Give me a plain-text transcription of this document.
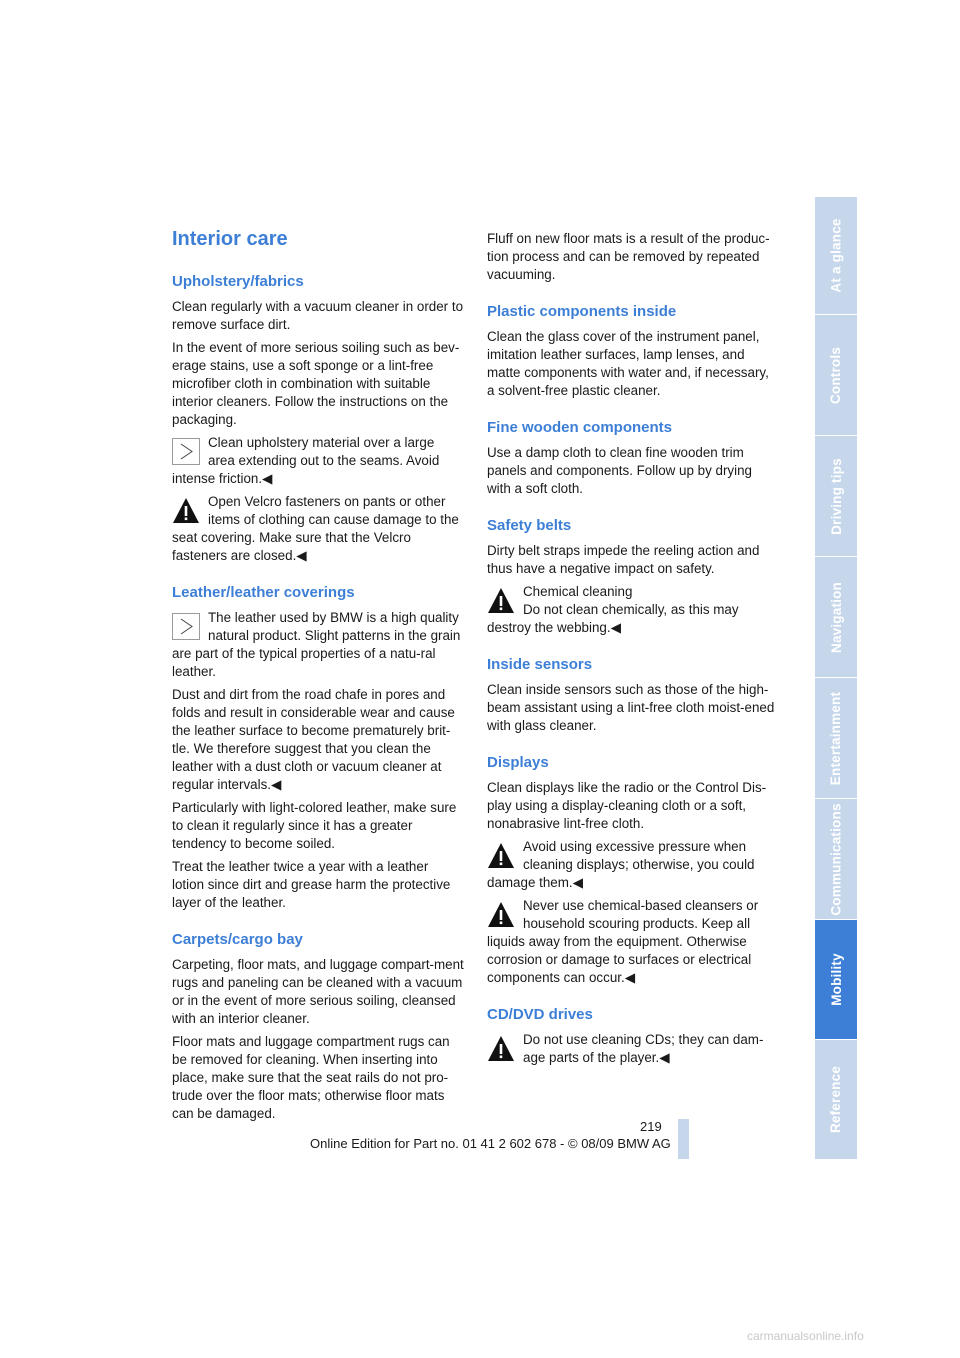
Interior care
Upholstery/fabrics

Clean regularly with a vacuum cleaner in order to remove surface dirt.

In the event of more serious soiling such as bev-erage stains, use a soft sponge or a lint-free microfiber cloth in combination with suitable interior cleaners. Follow the instructions on the packaging.

Clean upholstery material over a large area extending out to the seams. Avoid intense friction.◀
Open Velcro fasteners on pants or other items of clothing can cause damage to the seat covering. Make sure that the Velcro fasteners are closed.◀
Leather/leather coverings
The leather used by BMW is a high quality natural product. Slight patterns in the grain are part of the typical properties of a natu-ral leather.

Dust and dirt from the road chafe in pores and folds and result in considerable wear and cause the leather surface to become prematurely brit-tle. We therefore suggest that you clean the leather with a dust cloth or vacuum cleaner at regular intervals.◀

Particularly with light-colored leather, make sure to clean it regularly since it has a greater tendency to become soiled.

Treat the leather twice a year with a leather lotion since dirt and grease harm the protective layer of the leather.

Carpets/cargo bay

Carpeting, floor mats, and luggage compart-ment rugs and paneling can be cleaned with a vacuum or in the event of more serious soiling, cleansed with an interior cleaner.

Floor mats and luggage compartment rugs can be removed for cleaning. When inserting into place, make sure that the seat rails do not pro-trude over the floor mats; otherwise floor mats can be damaged.

Fluff on new floor mats is a result of the produc-tion process and can be removed by repeated vacuuming.

Plastic components inside

Clean the glass cover of the instrument panel, imitation leather surfaces, lamp lenses, and matte components with water and, if necessary, a solvent-free plastic cleaner.

Fine wooden components

Use a damp cloth to clean fine wooden trim panels and components. Follow up by drying with a soft cloth.

Safety belts

Dirty belt straps impede the reeling action and thus have a negative impact on safety.

Chemical cleaning
Do not clean chemically, as this may destroy the webbing.◀
Inside sensors

Clean inside sensors such as those of the high-beam assistant using a lint-free cloth moist-ened with glass cleaner.

Displays

Clean displays like the radio or the Control Dis-play using a display-cleaning cloth or a soft, nonabrasive lint-free cloth.

Avoid using excessive pressure when cleaning displays; otherwise, you could damage them.◀
Never use chemical-based cleansers or household scouring products. Keep all liquids away from the equipment. Otherwise corrosion or damage to surfaces or electrical components can occur.◀
CD/DVD drives
Do not use cleaning CDs; they can dam-age parts of the player.◀
At a glance
Controls
Driving tips
Navigation
Entertainment
Communications
Mobility
Reference
219
Online Edition for Part no. 01 41 2 602 678 - © 08/09 BMW AG
carmanualsonline.info
